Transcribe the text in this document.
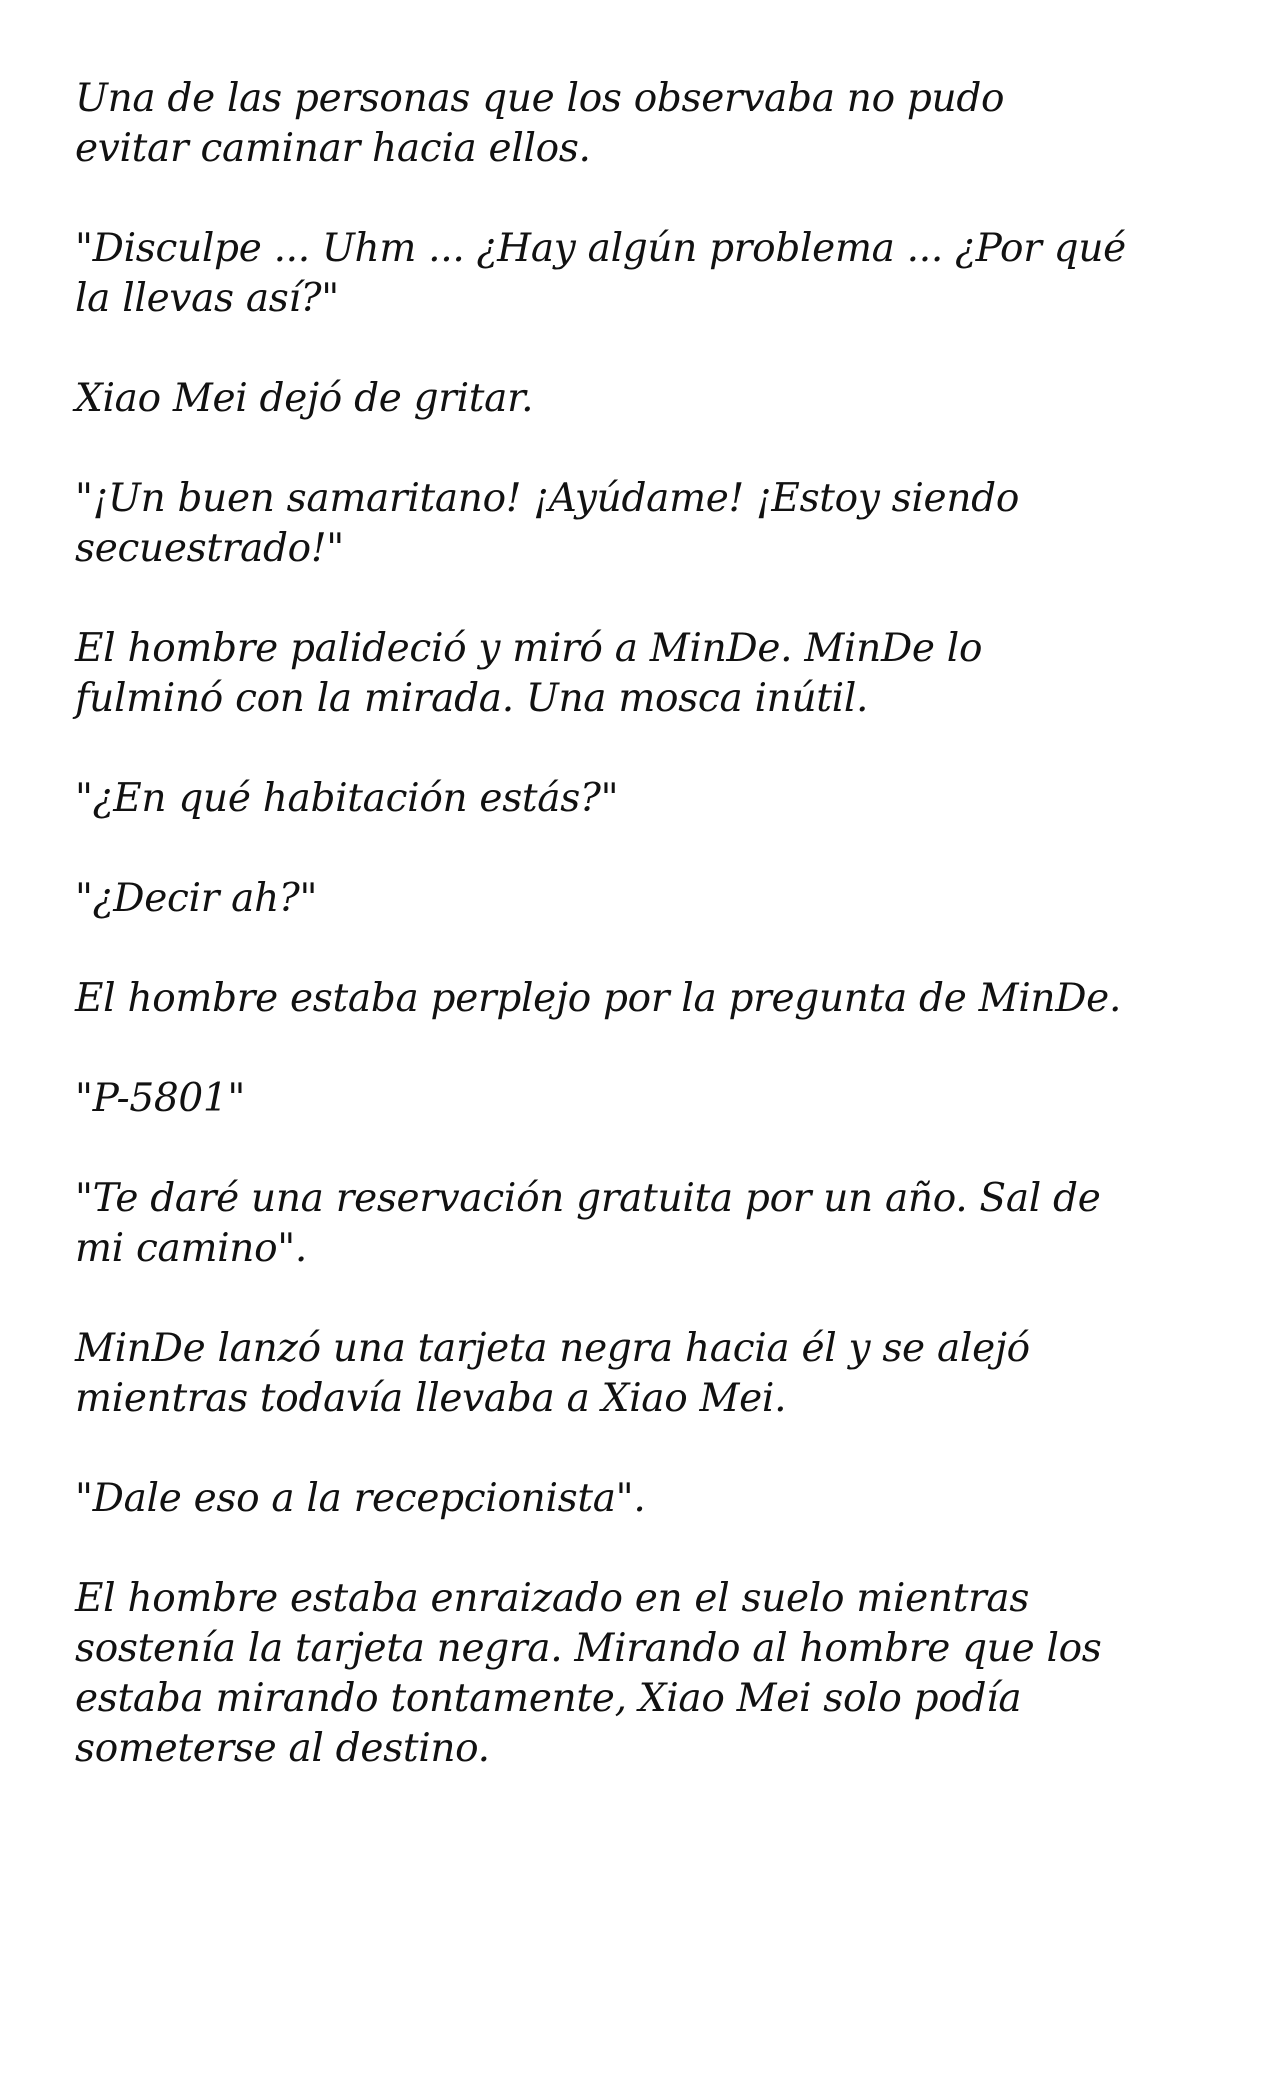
Una de las personas que los observaba no pudo
evitar caminar hacia ellos.

"Disculpe ... Uhm ... ¿Hay algún problema ... ¿Por qué
la llevas así?"

Xiao Mei dejó de gritar.

"¡Un buen samaritano! ¡Ayúdame! ¡Estoy siendo
secuestrado!"

El hombre palideció y miró a MinDe. MinDe lo
fulminó con la mirada. Una mosca inútil.

"¿En qué habitación estás?"

"¿Decir ah?"

El hombre estaba perplejo por la pregunta de MinDe.

"P-5801"

"Te daré una reservación gratuita por un año. Sal de
mi camino".

MinDe lanzó una tarjeta negra hacia él y se alejó
mientras todavía llevaba a Xiao Mei.

"Dale eso a la recepcionista".

El hombre estaba enraizado en el suelo mientras
sostenía la tarjeta negra. Mirando al hombre que los
estaba mirando tontamente, Xiao Mei solo podía
someterse al destino.
